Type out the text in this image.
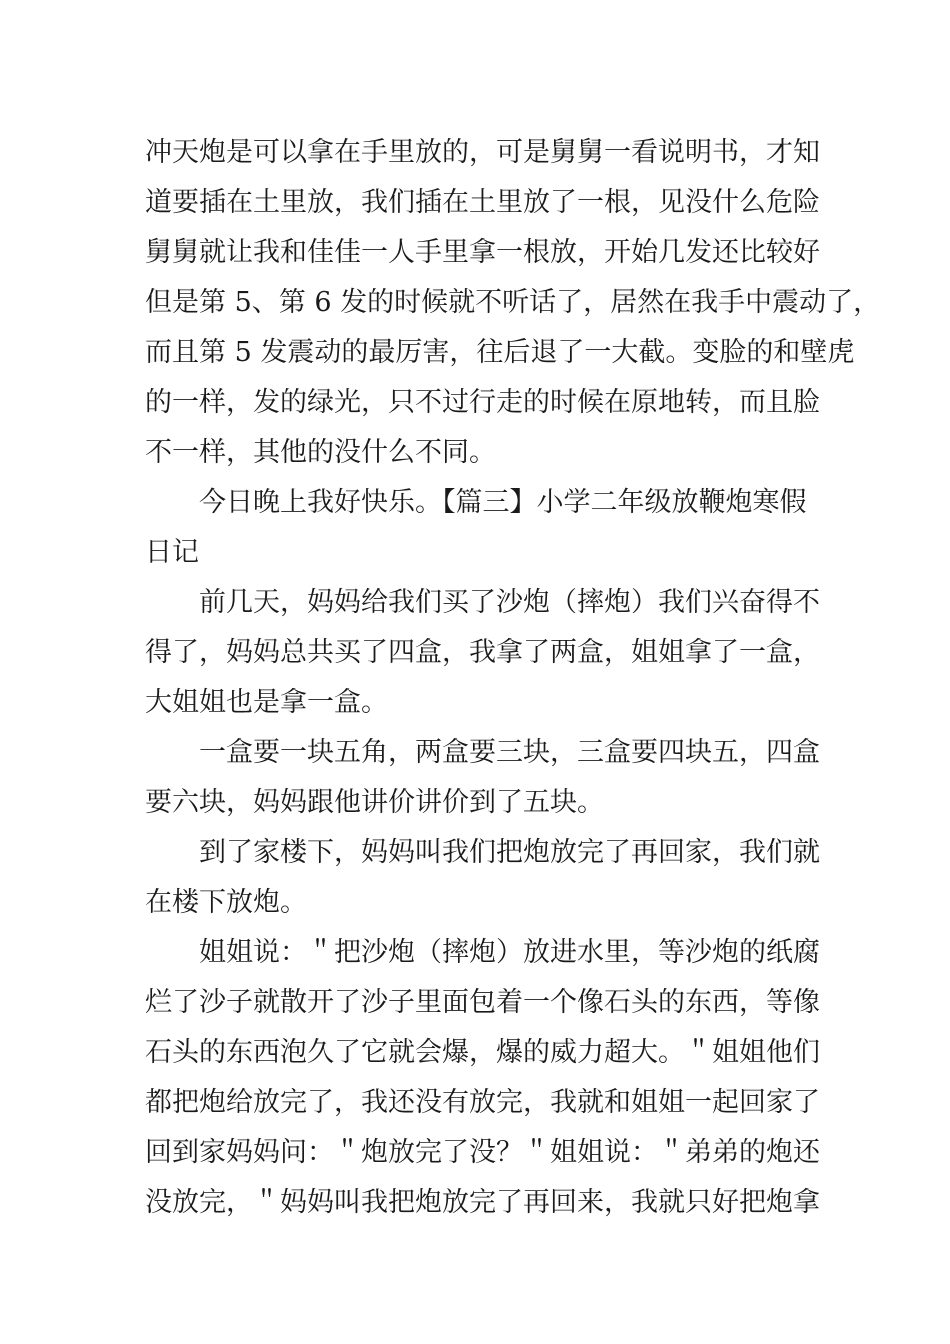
冲天炮是可以拿在手里放的，可是舅舅一看说明书，才知
道要插在土里放，我们插在土里放了一根，见没什么危险
舅舅就让我和佳佳一人手里拿一根放，开始几发还比较好
但是第 5、第 6 发的时候就不听话了，居然在我手中震动了，
而且第 5 发震动的最厉害，往后退了一大截。变脸的和壁虎
的一样，发的绿光，只不过行走的时候在原地转，而且脸
不一样，其他的没什么不同。
今日晚上我好快乐。【篇三】小学二年级放鞭炮寒假
日记
前几天，妈妈给我们买了沙炮（摔炮）我们兴奋得不
得了，妈妈总共买了四盒，我拿了两盒，姐姐拿了一盒，
大姐姐也是拿一盒。
一盒要一块五角，两盒要三块，三盒要四块五，四盒
要六块，妈妈跟他讲价讲价到了五块。
到了家楼下，妈妈叫我们把炮放完了再回家，我们就
在楼下放炮。
姐姐说：＂把沙炮（摔炮）放进水里，等沙炮的纸腐
烂了沙子就散开了沙子里面包着一个像石头的东西，等像
石头的东西泡久了它就会爆，爆的威力超大。＂姐姐他们
都把炮给放完了，我还没有放完，我就和姐姐一起回家了
回到家妈妈问：＂炮放完了没？＂姐姐说：＂弟弟的炮还
没放完，＂妈妈叫我把炮放完了再回来，我就只好把炮拿
